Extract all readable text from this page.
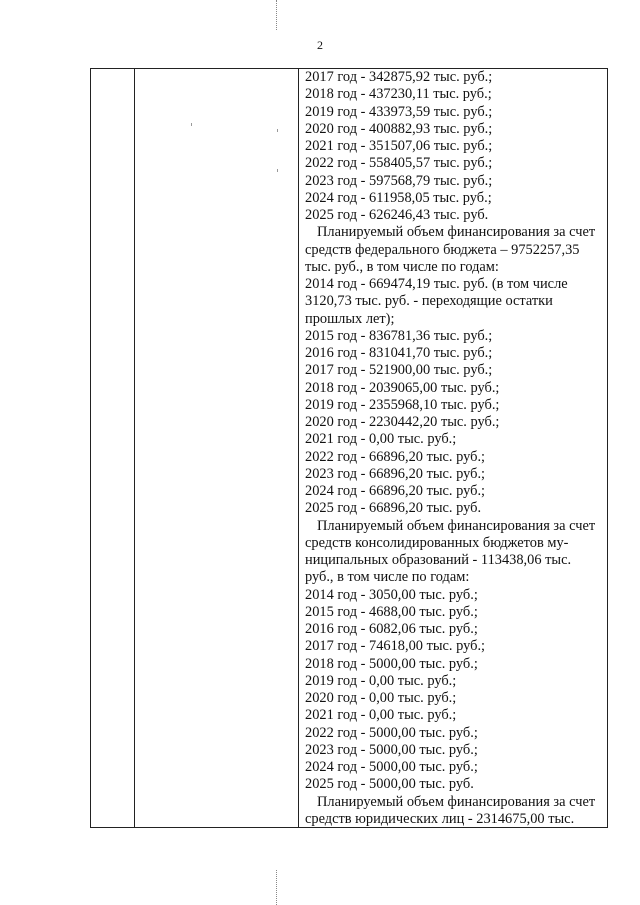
2
2017 год - 342875,92 тыс. руб.;
2018 год - 437230,11 тыс. руб.;
2019 год - 433973,59 тыс. руб.;
2020 год - 400882,93 тыс. руб.;
2021 год - 351507,06 тыс. руб.;
2022 год - 558405,57 тыс. руб.;
2023 год - 597568,79 тыс. руб.;
2024 год - 611958,05 тыс. руб.;
2025 год - 626246,43 тыс. руб.
Планируемый объем финансирования за счет
средств федерального бюджета – 9752257,35
тыс. руб., в том числе по годам:
2014 год - 669474,19 тыс. руб. (в том числе
3120,73 тыс. руб. - переходящие остатки
прошлых лет);
2015 год - 836781,36 тыс. руб.;
2016 год - 831041,70 тыс. руб.;
2017 год - 521900,00 тыс. руб.;
2018 год - 2039065,00 тыс. руб.;
2019 год - 2355968,10 тыс. руб.;
2020 год - 2230442,20 тыс. руб.;
2021 год - 0,00 тыс. руб.;
2022 год - 66896,20 тыс. руб.;
2023 год - 66896,20 тыс. руб.;
2024 год - 66896,20 тыс. руб.;
2025 год - 66896,20 тыс. руб.
Планируемый объем финансирования за счет
средств консолидированных бюджетов му-
ниципальных образований - 113438,06 тыс.
руб., в том числе по годам:
2014 год - 3050,00 тыс. руб.;
2015 год - 4688,00 тыс. руб.;
2016 год - 6082,06 тыс. руб.;
2017 год - 74618,00 тыс. руб.;
2018 год - 5000,00 тыс. руб.;
2019 год - 0,00 тыс. руб.;
2020 год - 0,00 тыс. руб.;
2021 год - 0,00 тыс. руб.;
2022 год - 5000,00 тыс. руб.;
2023 год - 5000,00 тыс. руб.;
2024 год - 5000,00 тыс. руб.;
2025 год - 5000,00 тыс. руб.
Планируемый объем финансирования за счет
средств юридических лиц - 2314675,00 тыс.
